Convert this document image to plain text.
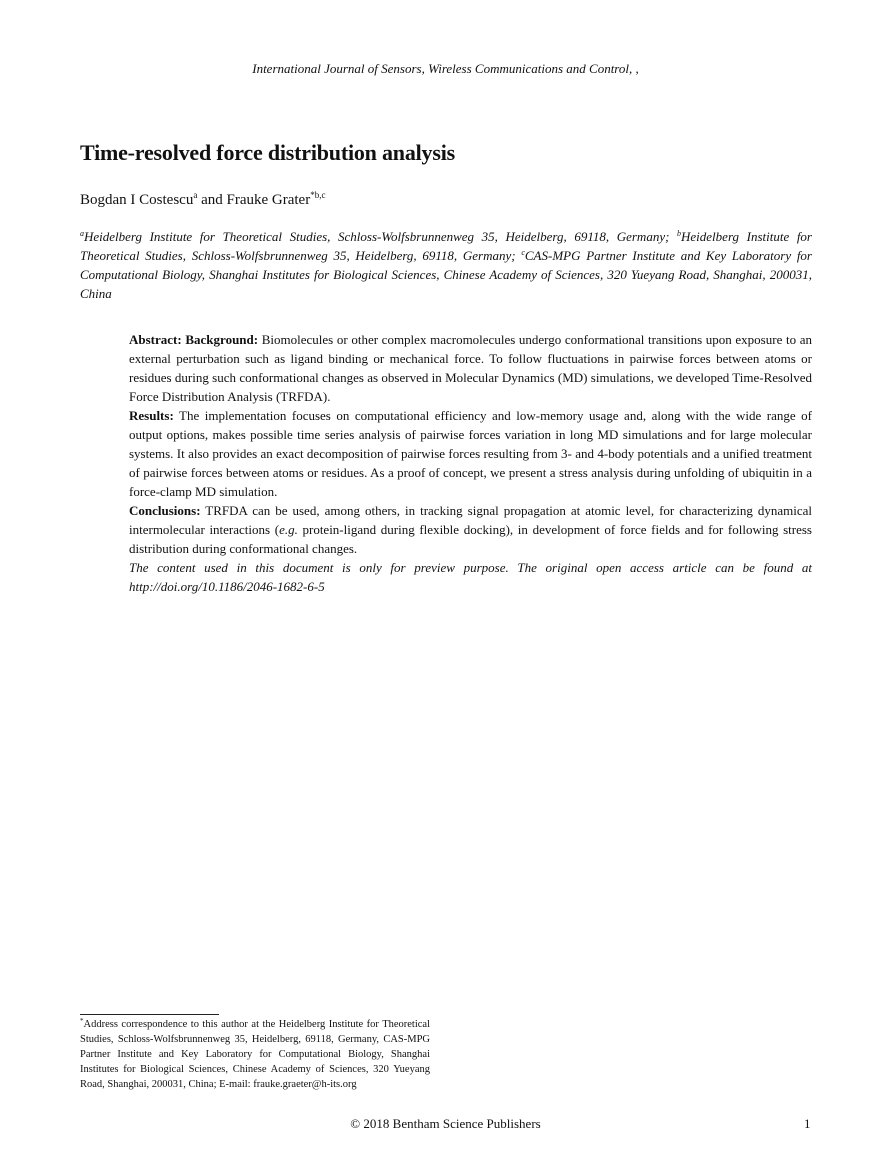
International Journal of Sensors, Wireless Communications and Control, ,
Time-resolved force distribution analysis
Bogdan I Costescu$^a$ and Frauke Grater$^{*b,c}$
$^a$Heidelberg Institute for Theoretical Studies, Schloss-Wolfsbrunnenweg 35, Heidelberg, 69118, Germany; $^b$Heidelberg Institute for Theoretical Studies, Schloss-Wolfsbrunnenweg 35, Heidelberg, 69118, Germany; $^c$CAS-MPG Partner Institute and Key Laboratory for Computational Biology, Shanghai Institutes for Biological Sciences, Chinese Academy of Sciences, 320 Yueyang Road, Shanghai, 200031, China

Abstract: Background: Biomolecules or other complex macromolecules undergo conformational transitions upon exposure to an external perturbation such as ligand binding or mechanical force. To follow fluctuations in pairwise forces between atoms or residues during such conformational changes as observed in Molecular Dynamics (MD) simulations, we developed Time-Resolved Force Distribution Analysis (TRFDA).

Results: The implementation focuses on computational efficiency and low-memory usage and, along with the wide range of output options, makes possible time series analysis of pairwise forces variation in long MD simulations and for large molecular systems. It also provides an exact decomposition of pairwise forces resulting from 3- and 4-body potentials and a unified treatment of pairwise forces between atoms or residues. As a proof of concept, we present a stress analysis during unfolding of ubiquitin in a force-clamp MD simulation.

Conclusions: TRFDA can be used, among others, in tracking signal propagation at atomic level, for characterizing dynamical intermolecular interactions (e.g. protein-ligand during flexible docking), in development of force fields and for following stress distribution during conformational changes.

The content used in this document is only for preview purpose. The original open access article can be found at http://doi.org/10.1186/2046-1682-6-5

*Address correspondence to this author at the Heidelberg Institute for Theoretical Studies, Schloss-Wolfsbrunnenweg 35, Heidelberg, 69118, Germany, CAS-MPG Partner Institute and Key Laboratory for Computational Biology, Shanghai Institutes for Biological Sciences, Chinese Academy of Sciences, 320 Yueyang Road, Shanghai, 200031, China; E-mail: frauke.graeter@h-its.org
© 2018 Bentham Science Publishers	1
